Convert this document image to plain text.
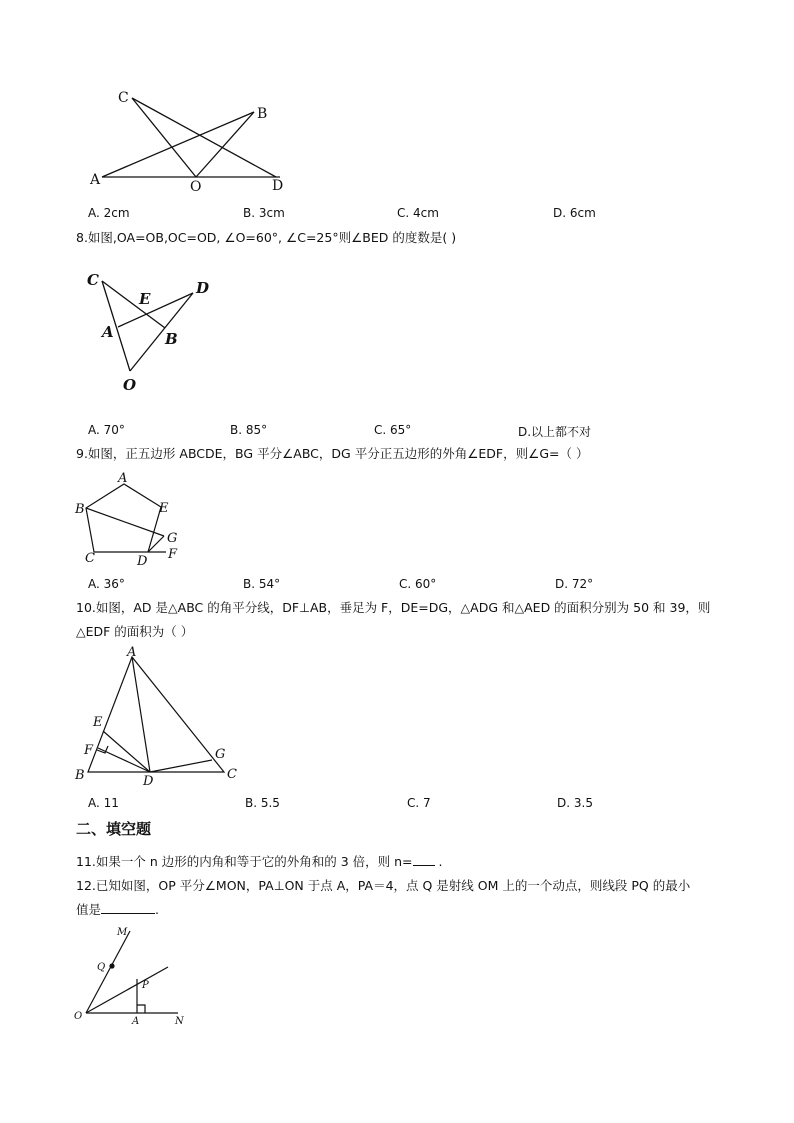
C
B
A	O	D
A. 2cm	B. 3cm	C. 4cm	D. 6cm
8.如图,OA=OB,OC=OD, ∠O=60°, ∠C=25°则∠BED 的度数是( )
C
E
D
A	B
O
A. 70°	B. 85°	C. 65°	D.以上都不对
9.如图，正五边形 ABCDE，BG 平分∠ABC，DG 平分正五边形的外角∠EDF，则∠G=（ ）
A
B	E
G
C	D F
A. 36°	B. 54°	C. 60°	D. 72°
10.如图，AD 是△ABC 的角平分线，DF⊥AB，垂足为 F，DE=DG，△ADG 和△AED 的面积分别为 50 和 39，则
△EDF 的面积为（ ）
A
E
F	G
B	D	C
A. 11	B. 5.5	C. 7	D. 3.5
二、填空题
11.如果一个 n 边形的内角和等于它的外角和的 3 倍，则 n= .
12.已知如图，OP 平分∠MON，PA⊥ON 于点 A，PA＝4，点 Q 是射线 OM 上的一个动点，则线段 PQ 的最小
值是	.
M
Q
P
O	A	N
